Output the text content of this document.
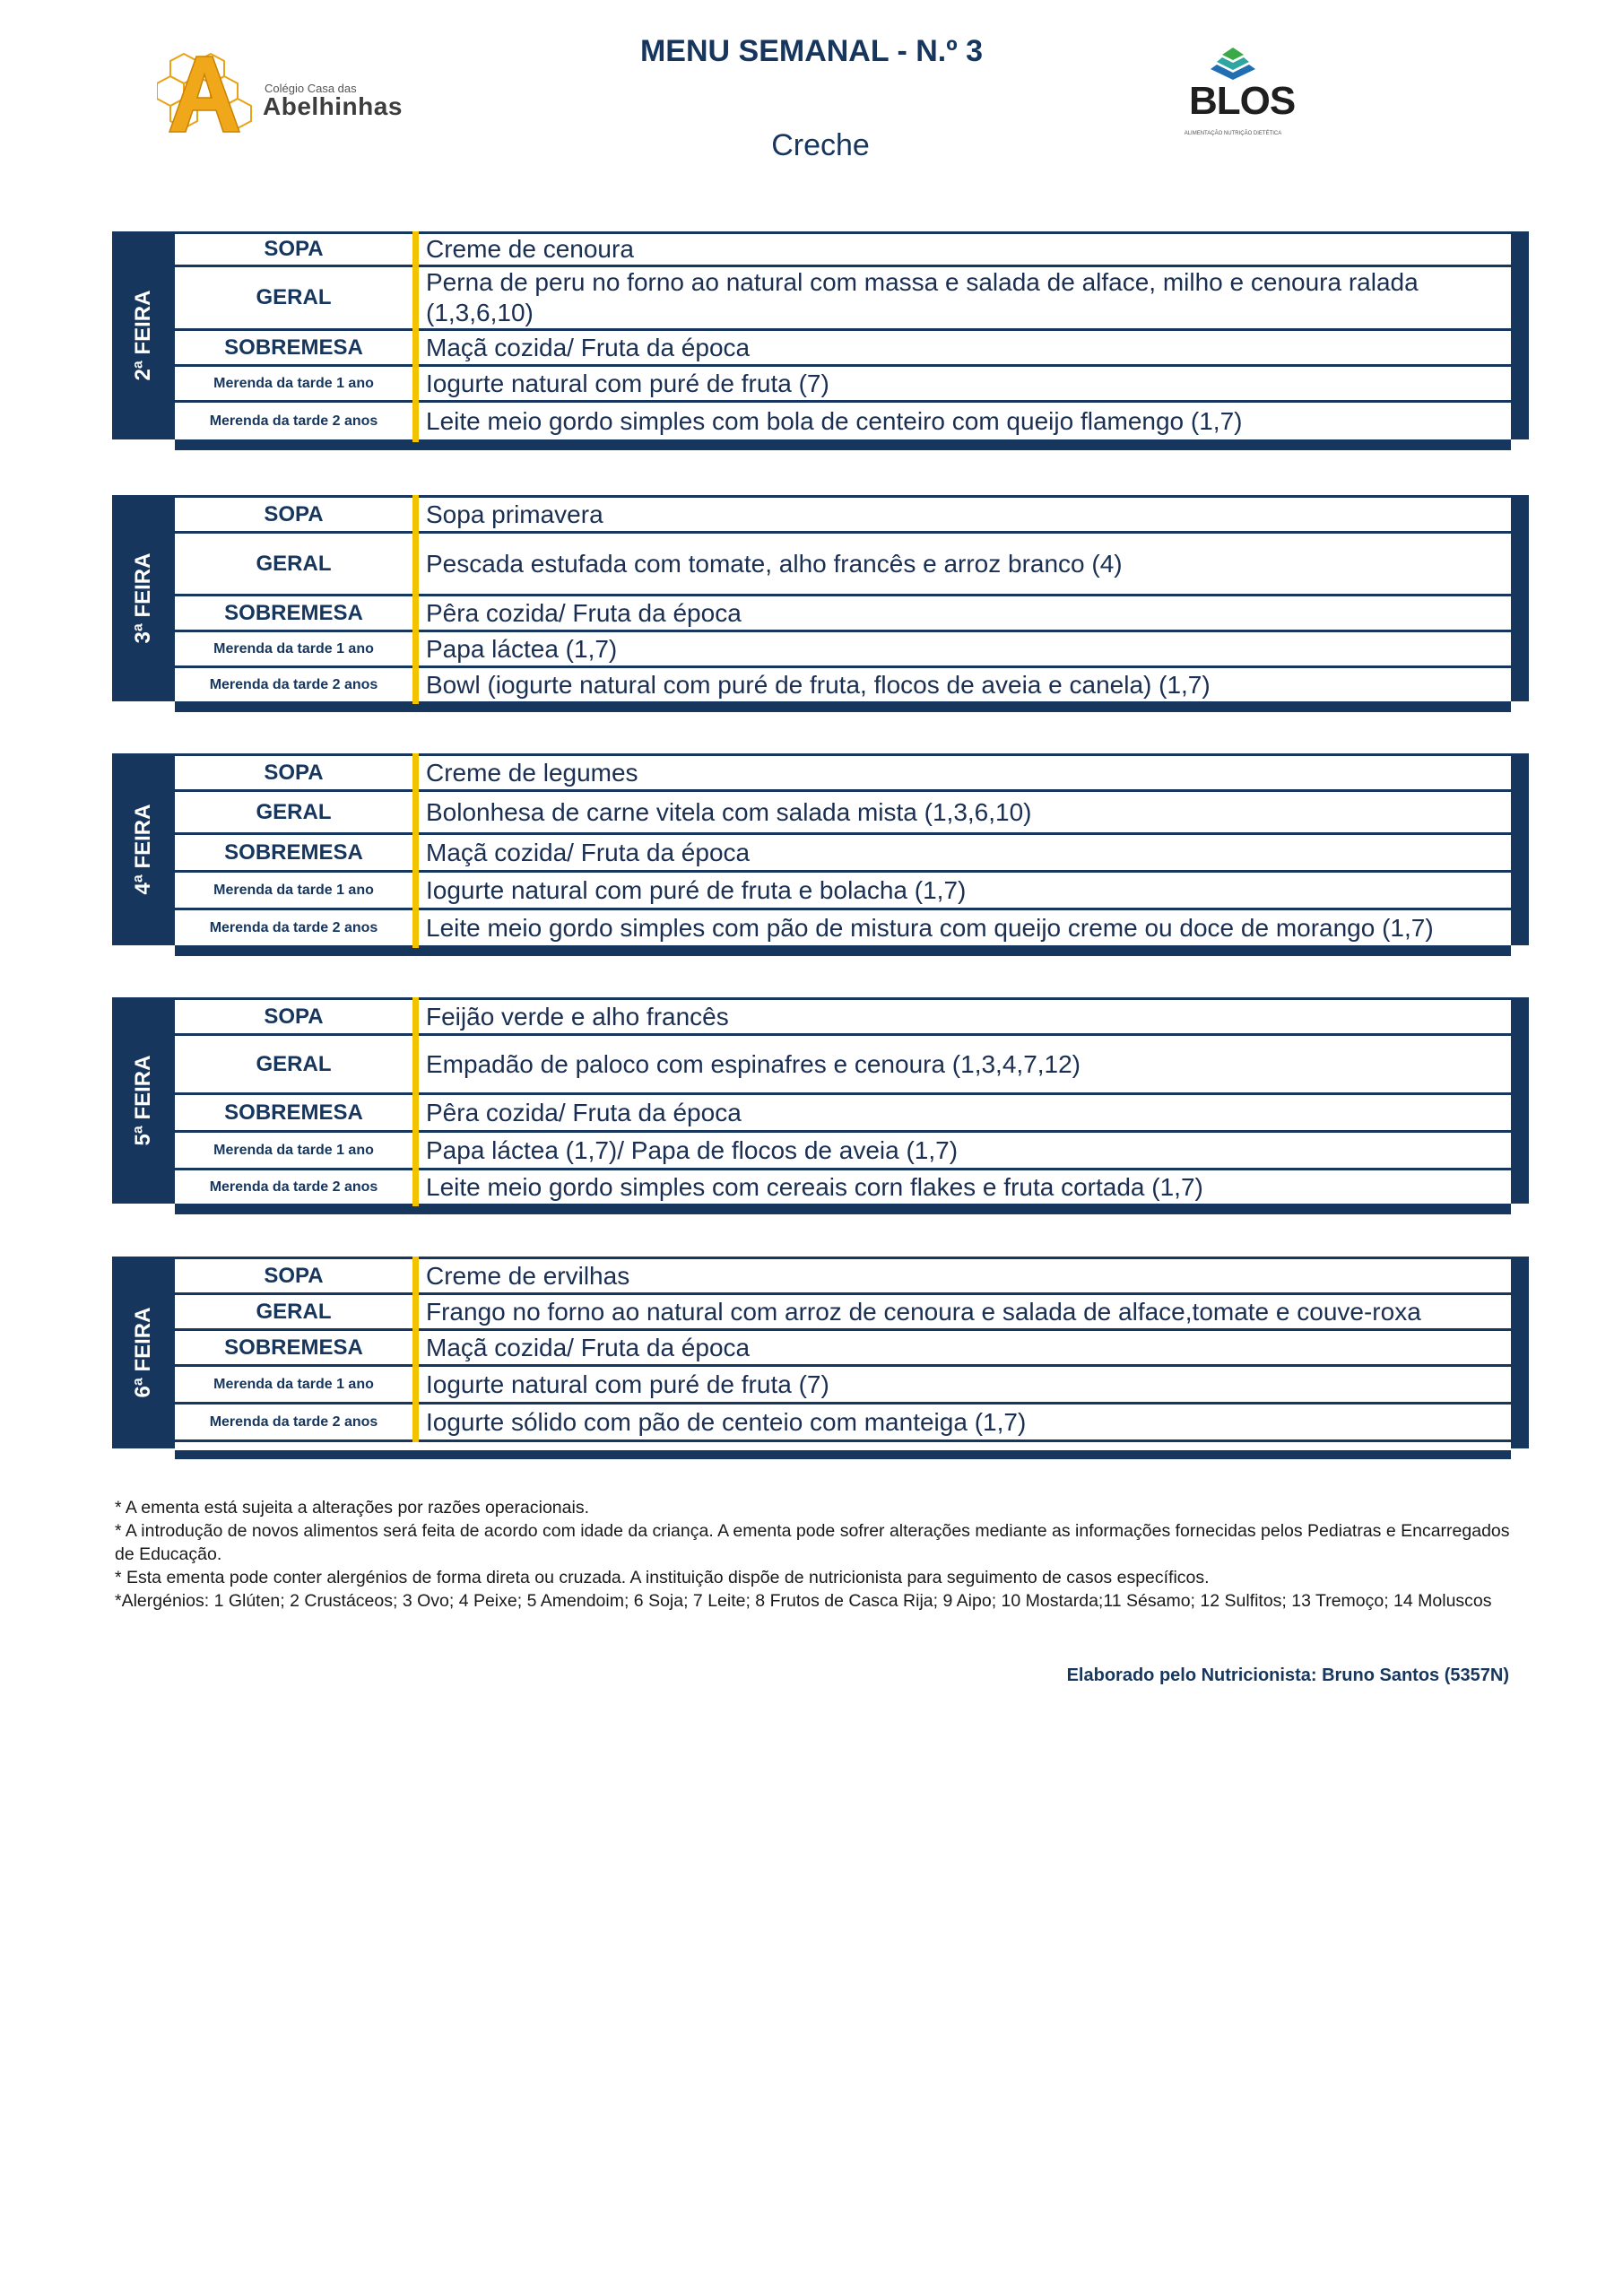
MENU SEMANAL - N.º 3
Creche
Colégio Casa das
Abelhinhas	BLOS
ALIMENTAÇÃO NUTRIÇÃO DIETÉTICA
2ª FEIRA
SOPA	Creme de cenoura
GERAL	Perna de peru no forno ao natural com massa e salada de alface, milho e cenoura ralada (1,3,6,10)
SOBREMESA	Maçã cozida/ Fruta da época
Merenda da tarde 1 ano	Iogurte natural com puré de fruta (7)
Merenda da tarde 2 anos	Leite meio gordo simples com bola de centeiro com queijo flamengo (1,7)
3ª FEIRA
SOPA	Sopa primavera
GERAL	Pescada estufada com tomate, alho francês e arroz branco (4)
SOBREMESA	Pêra cozida/ Fruta da época
Merenda da tarde 1 ano	Papa láctea (1,7)
Merenda da tarde 2 anos	Bowl (iogurte natural com puré de fruta, flocos de aveia e canela) (1,7)
4ª FEIRA
SOPA	Creme de legumes
GERAL	Bolonhesa de carne vitela com salada mista (1,3,6,10)
SOBREMESA	Maçã cozida/ Fruta da época
Merenda da tarde 1 ano	Iogurte natural com puré de fruta e bolacha (1,7)
Merenda da tarde 2 anos	Leite meio gordo simples com pão de mistura com queijo creme ou doce de morango (1,7)
5ª FEIRA
SOPA	Feijão verde e alho francês
GERAL	Empadão de paloco com espinafres e cenoura (1,3,4,7,12)
SOBREMESA	Pêra cozida/ Fruta da época
Merenda da tarde 1 ano	Papa láctea (1,7)/ Papa de flocos de aveia (1,7)
Merenda da tarde 2 anos	Leite meio gordo simples com cereais corn flakes e fruta cortada (1,7)
6ª FEIRA
SOPA	Creme de ervilhas
GERAL	Frango no forno ao natural com arroz de cenoura e salada de alface,tomate e couve-roxa
SOBREMESA	Maçã cozida/ Fruta da época
Merenda da tarde 1 ano	Iogurte natural com puré de fruta (7)
Merenda da tarde 2 anos	Iogurte sólido com pão de centeio com manteiga (1,7)
* A ementa está sujeita a alterações por razões operacionais.
* A introdução de novos alimentos será feita de acordo com idade da criança. A ementa pode sofrer alterações mediante as informações fornecidas pelos Pediatras e Encarregados de Educação.
* Esta ementa pode conter alergénios de forma direta ou cruzada. A instituição dispõe de nutricionista para seguimento de casos específicos.
*Alergénios: 1 Glúten; 2 Crustáceos; 3 Ovo; 4 Peixe; 5 Amendoim; 6 Soja; 7 Leite; 8 Frutos de Casca Rija; 9 Aipo; 10 Mostarda;11 Sésamo; 12 Sulfitos; 13 Tremoço; 14 Moluscos
Elaborado pelo Nutricionista: Bruno Santos (5357N)
